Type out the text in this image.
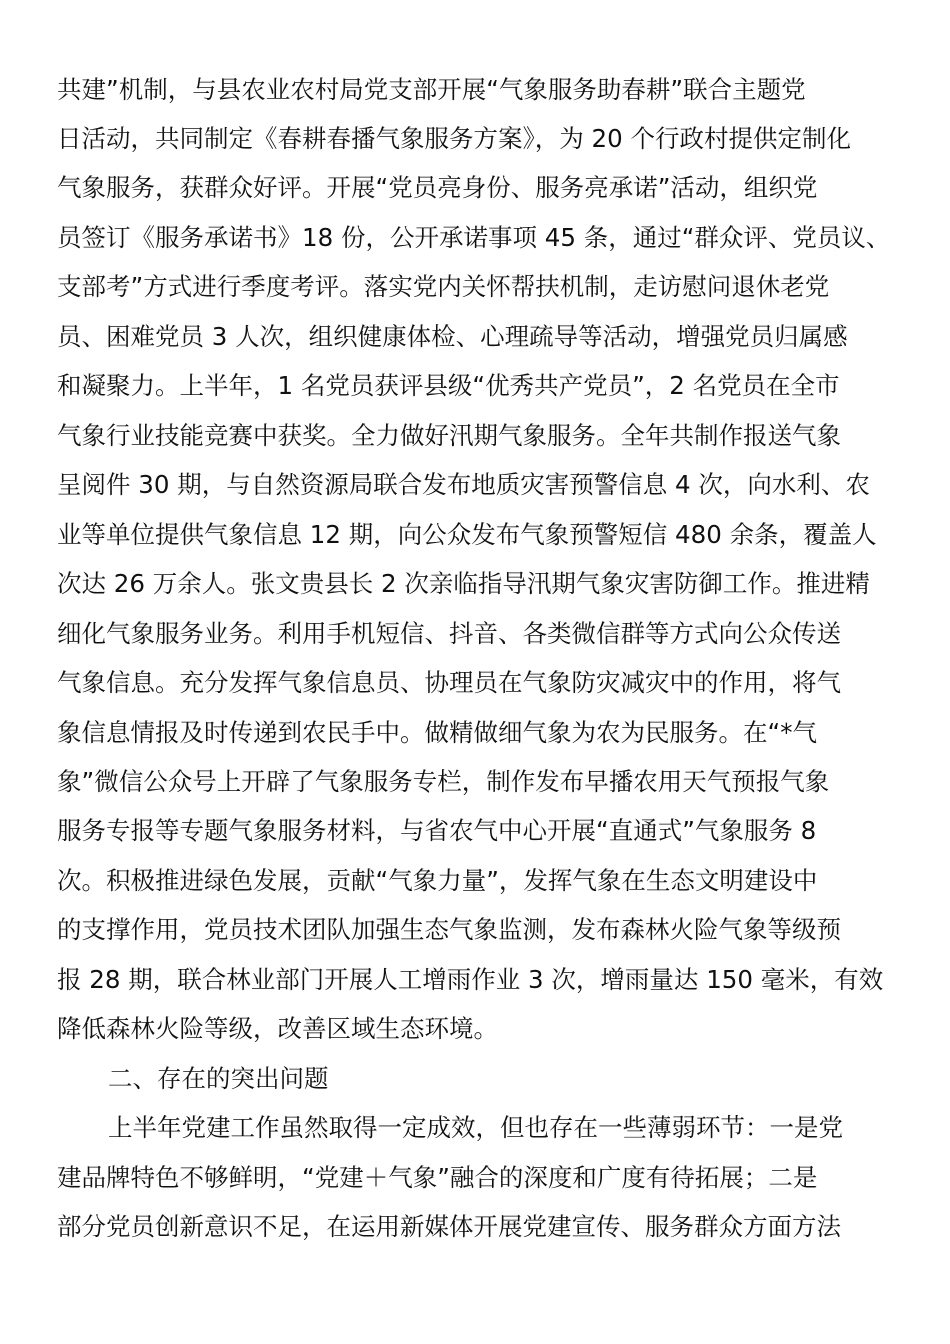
共建”机制，与县农业农村局党支部开展“气象服务助春耕”联合主题党
日活动，共同制定《春耕春播气象服务方案》，为 20 个行政村提供定制化
气象服务，获群众好评。开展“党员亮身份、服务亮承诺”活动，组织党
员签订《服务承诺书》18 份，公开承诺事项 45 条，通过“群众评、党员议、
支部考”方式进行季度考评。落实党内关怀帮扶机制，走访慰问退休老党
员、困难党员 3 人次，组织健康体检、心理疏导等活动，增强党员归属感
和凝聚力。上半年，1 名党员获评县级“优秀共产党员”，2 名党员在全市
气象行业技能竞赛中获奖。全力做好汛期气象服务。全年共制作报送气象
呈阅件 30 期，与自然资源局联合发布地质灾害预警信息 4 次，向水利、农
业等单位提供气象信息 12 期，向公众发布气象预警短信 480 余条，覆盖人
次达 26 万余人。张文贵县长 2 次亲临指导汛期气象灾害防御工作。推进精
细化气象服务业务。利用手机短信、抖音、各类微信群等方式向公众传送
气象信息。充分发挥气象信息员、协理员在气象防灾减灾中的作用，将气
象信息情报及时传递到农民手中。做精做细气象为农为民服务。在“*气
象”微信公众号上开辟了气象服务专栏，制作发布早播农用天气预报气象
服务专报等专题气象服务材料，与省农气中心开展“直通式”气象服务 8
次。积极推进绿色发展，贡献“气象力量”，发挥气象在生态文明建设中
的支撑作用，党员技术团队加强生态气象监测，发布森林火险气象等级预
报 28 期，联合林业部门开展人工增雨作业 3 次，增雨量达 150 毫米，有效
降低森林火险等级，改善区域生态环境。
二、存在的突出问题
上半年党建工作虽然取得一定成效，但也存在一些薄弱环节：一是党
建品牌特色不够鲜明，“党建＋气象”融合的深度和广度有待拓展；二是
部分党员创新意识不足，在运用新媒体开展党建宣传、服务群众方面方法
